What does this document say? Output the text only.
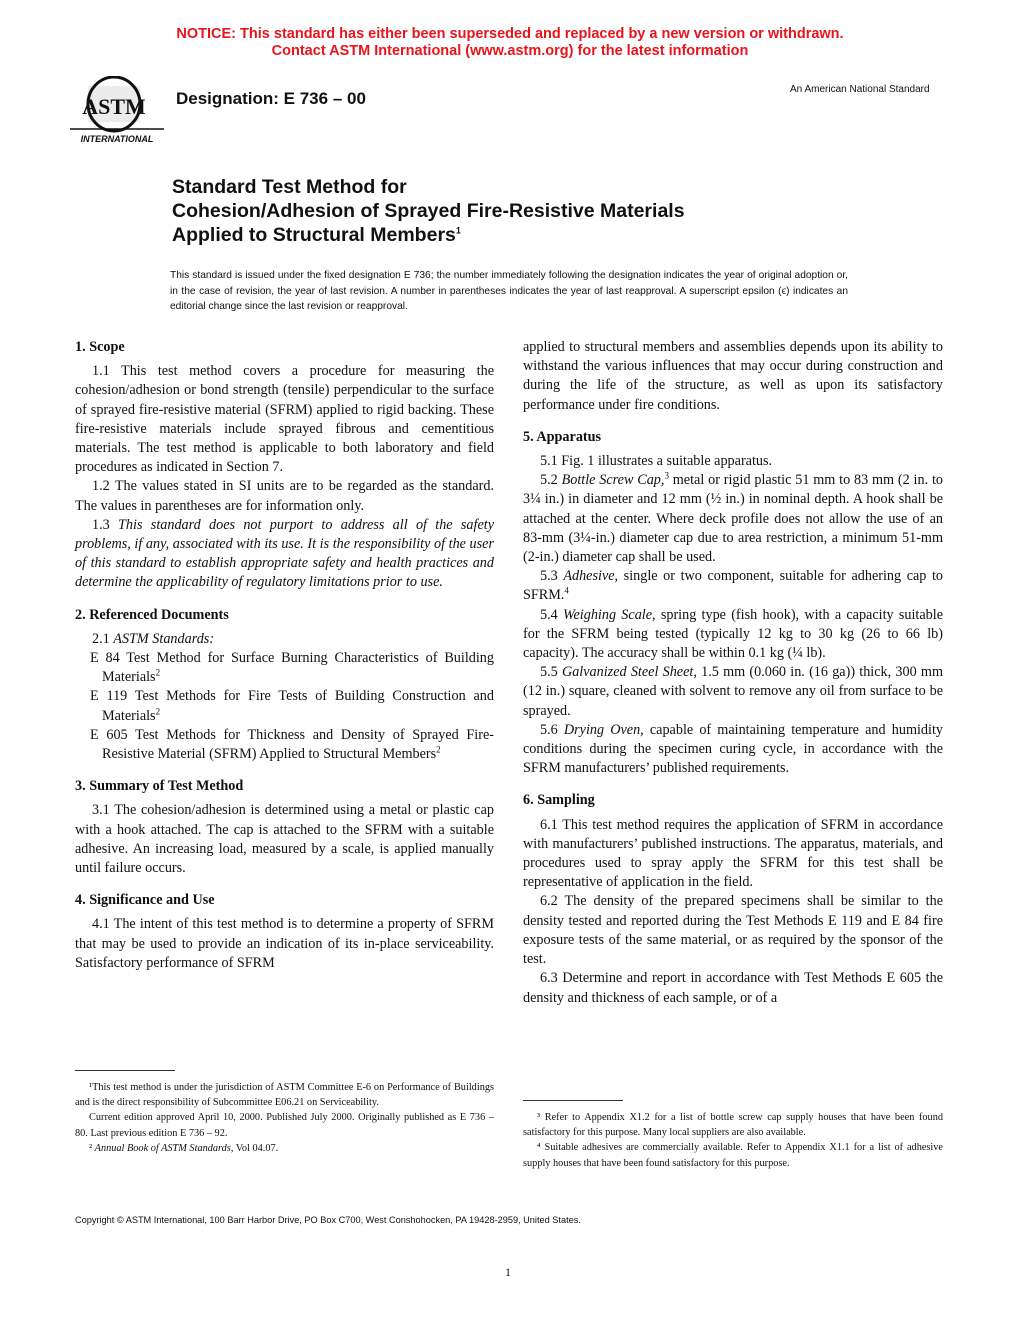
NOTICE: This standard has either been superseded and replaced by a new version or withdrawn.
Contact ASTM International (www.astm.org) for the latest information
ASTM
INTERNATIONAL
Designation: E 736 – 00	An American National Standard
Standard Test Method for
Cohesion/Adhesion of Sprayed Fire-Resistive Materials
Applied to Structural Members$^1$
This standard is issued under the fixed designation E 736; the number immediately following the designation indicates the year of original adoption or, in the case of revision, the year of last revision. A number in parentheses indicates the year of last reapproval. A superscript epsilon (ϵ) indicates an editorial change since the last revision or reapproval.

1. Scope

1.1 This test method covers a procedure for measuring the cohesion/adhesion or bond strength (tensile) perpendicular to the surface of sprayed fire-resistive material (SFRM) applied to rigid backing. These fire-resistive materials include sprayed fibrous and cementitious materials. The test method is applicable to both laboratory and field procedures as indicated in Section 7.

1.2 The values stated in SI units are to be regarded as the standard. The values in parentheses are for information only.

1.3 This standard does not purport to address all of the safety problems, if any, associated with its use. It is the responsibility of the user of this standard to establish appropriate safety and health practices and determine the applicability of regulatory limitations prior to use.

2. Referenced Documents

2.1 ASTM Standards:

E 84 Test Method for Surface Burning Characteristics of Building Materials$^2$

E 119 Test Methods for Fire Tests of Building Construction and Materials$^2$

E 605 Test Methods for Thickness and Density of Sprayed Fire-Resistive Material (SFRM) Applied to Structural Members$^2$

3. Summary of Test Method

3.1 The cohesion/adhesion is determined using a metal or plastic cap with a hook attached. The cap is attached to the SFRM with a suitable adhesive. An increasing load, measured by a scale, is applied manually until failure occurs.

4. Significance and Use

4.1 The intent of this test method is to determine a property of SFRM that may be used to provide an indication of its in-place serviceability. Satisfactory performance of SFRM

applied to structural members and assemblies depends upon its ability to withstand the various influences that may occur during construction and during the life of the structure, as well as upon its satisfactory performance under fire conditions.

5. Apparatus

5.1 Fig. 1 illustrates a suitable apparatus.

5.2 Bottle Screw Cap,$^3$ metal or rigid plastic 51 mm to 83 mm (2 in. to 3¼ in.) in diameter and 12 mm (½ in.) in nominal depth. A hook shall be attached at the center. Where deck profile does not allow the use of an 83-mm (3¼-in.) diameter cap due to area restriction, a minimum 51-mm (2-in.) diameter cap shall be used.

5.3 Adhesive, single or two component, suitable for adhering cap to SFRM.$^4$

5.4 Weighing Scale, spring type (fish hook), with a capacity suitable for the SFRM being tested (typically 12 kg to 30 kg (26 to 66 lb) capacity). The accuracy shall be within 0.1 kg (¼ lb).

5.5 Galvanized Steel Sheet, 1.5 mm (0.060 in. (16 ga)) thick, 300 mm (12 in.) square, cleaned with solvent to remove any oil from surface to be sprayed.

5.6 Drying Oven, capable of maintaining temperature and humidity conditions during the specimen curing cycle, in accordance with the SFRM manufacturers’ published requirements.

6. Sampling

6.1 This test method requires the application of SFRM in accordance with manufacturers’ published instructions. The apparatus, materials, and procedures used to spray apply the SFRM for this test shall be representative of application in the field.

6.2 The density of the prepared specimens shall be similar to the density tested and reported during the Test Methods E 119 and E 84 fire exposure tests of the same material, or as required by the sponsor of the test.

6.3 Determine and report in accordance with Test Methods E 605 the density and thickness of each sample, or of a

¹This test method is under the jurisdiction of ASTM Committee E-6 on Performance of Buildings and is the direct responsibility of Subcommittee E06.21 on Serviceability.

Current edition approved April 10, 2000. Published July 2000. Originally published as E 736 – 80. Last previous edition E 736 – 92.

² Annual Book of ASTM Standards, Vol 04.07.

³ Refer to Appendix X1.2 for a list of bottle screw cap supply houses that have been found satisfactory for this purpose. Many local suppliers are also available.

⁴ Suitable adhesives are commercially available. Refer to Appendix X1.1 for a list of adhesive supply houses that have been found satisfactory for this purpose.

Copyright © ASTM International, 100 Barr Harbor Drive, PO Box C700, West Conshohocken, PA 19428-2959, United States.
1
